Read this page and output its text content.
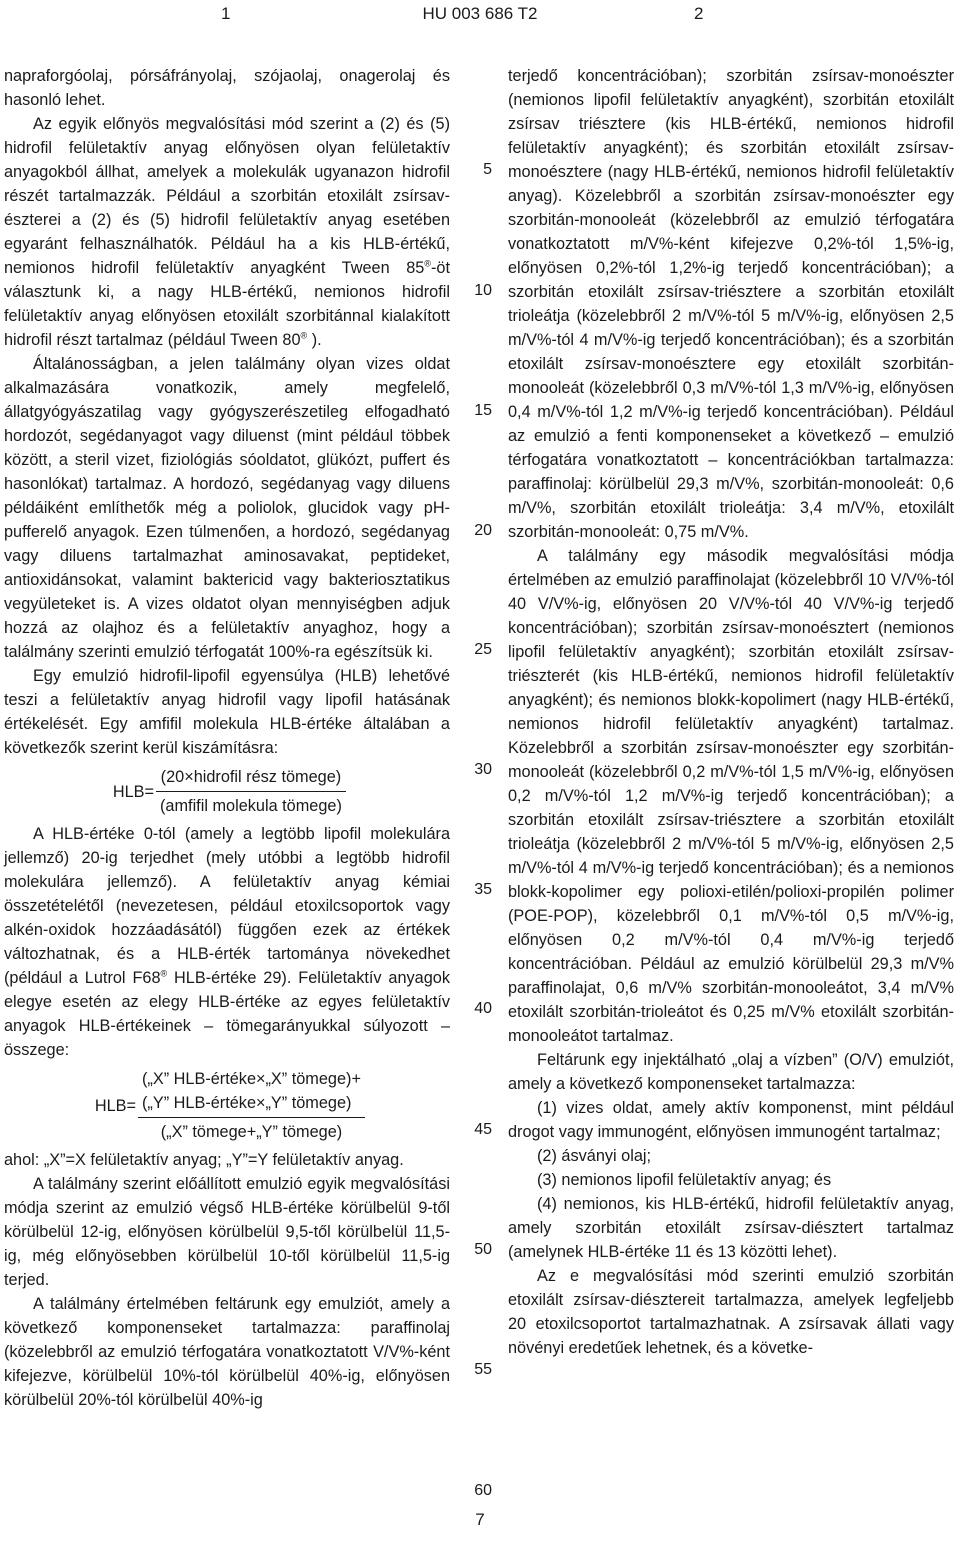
1	HU 003 686 T2	2

napraforgóolaj, pórsáfrányolaj, szójaolaj, onagerolaj és hasonló lehet.

Az egyik előnyös megvalósítási mód szerint a (2) és (5) hidrofil felületaktív anyag előnyösen olyan felületaktív anyagokból állhat, amelyek a molekulák ugyanazon hidrofil részét tartalmazzák. Például a szorbitán etoxilált zsírsav-észterei a (2) és (5) hidrofil felületaktív anyag esetében egyaránt felhasználhatók. Például ha a kis HLB-értékű, nemionos hidrofil felületaktív anyagként Tween 85®-öt választunk ki, a nagy HLB-értékű, nemionos hidrofil felületaktív anyag előnyösen etoxilált szorbitánnal kialakított hidrofil részt tartalmaz (például Tween 80® ).

Általánosságban, a jelen találmány olyan vizes oldat alkalmazására vonatkozik, amely megfelelő, állatgyógyászatilag vagy gyógyszerészetileg elfogadható hordozót, segédanyagot vagy diluenst (mint például többek között, a steril vizet, fiziológiás sóoldatot, glükózt, puffert és hasonlókat) tartalmaz. A hordozó, segédanyag vagy diluens példáiként említhetők még a poliolok, glucidok vagy pH-pufferelő anyagok. Ezen túlmenően, a hordozó, segédanyag vagy diluens tartalmazhat aminosavakat, peptideket, antioxidánsokat, valamint baktericid vagy bakteriosztatikus vegyületeket is. A vizes oldatot olyan mennyiségben adjuk hozzá az olajhoz és a felületaktív anyaghoz, hogy a találmány szerinti emulzió térfogatát 100%-ra egészítsük ki.

Egy emulzió hidrofil-lipofil egyensúlya (HLB) lehetővé teszi a felületaktív anyag hidrofil vagy lipofil hatásának értékelését. Egy amfifil molekula HLB-értéke általában a következők szerint kerül kiszámításra:

$HLB= \frac{\text{(20×hidrofil rész tömege)}}{\text{(amfifil molekula tömege)}}$

A HLB-értéke 0-tól (amely a legtöbb lipofil molekulára jellemző) 20-ig terjedhet (mely utóbbi a legtöbb hidrofil molekulára jellemző). A felületaktív anyag kémiai összetételétől (nevezetesen, például etoxilcsoportok vagy alkén-oxidok hozzáadásától) függően ezek az értékek változhatnak, és a HLB-érték tartománya növekedhet (például a Lutrol F68® HLB-értéke 29). Felületaktív anyagok elegye esetén az elegy HLB-értéke az egyes felületaktív anyagok HLB-értékeinek – tömegarányukkal súlyozott – összege:

HLB=
(„X” HLB-értéke×„X” tömege)+
(„Y” HLB-értéke×„Y” tömege)
(„X” tömege+„Y” tömege)

ahol: „X”=X felületaktív anyag; „Y”=Y felületaktív anyag.

A találmány szerint előállított emulzió egyik megvalósítási módja szerint az emulzió végső HLB-értéke körülbelül 9-től körülbelül 12-ig, előnyösen körülbelül 9,5-től körülbelül 11,5-ig, még előnyösebben körülbelül 10-től körülbelül 11,5-ig terjed.

A találmány értelmében feltárunk egy emulziót, amely a következő komponenseket tartalmazza: paraffinolaj (közelebbről az emulzió térfogatára vonatkoztatott V/V%-ként kifejezve, körülbelül 10%-tól körülbelül 40%-ig, előnyösen körülbelül 20%-tól körülbelül 40%-ig

5
10
15
20
25
30
35
40
45
50
55
60

terjedő koncentrációban); szorbitán zsírsav-monoészter (nemionos lipofil felületaktív anyagként), szorbitán etoxilált zsírsav triésztere (kis HLB-értékű, nemionos hidrofil felületaktív anyagként); és szorbitán etoxilált zsírsav-monoésztere (nagy HLB-értékű, nemionos hidrofil felületaktív anyag). Közelebbről a szorbitán zsírsav-monoészter egy szorbitán-monooleát (közelebbről az emulzió térfogatára vonatkoztatott m/V%-ként kifejezve 0,2%-tól 1,5%-ig, előnyösen 0,2%-tól 1,2%-ig terjedő koncentrációban); a szorbitán etoxilált zsírsav-triésztere a szorbitán etoxilált trioleátja (közelebbről 2 m/V%-tól 5 m/V%-ig, előnyösen 2,5 m/V%-tól 4 m/V%-ig terjedő koncentrációban); és a szorbitán etoxilált zsírsav-monoésztere egy etoxilált szorbitán-monooleát (közelebbről 0,3 m/V%-tól 1,3 m/V%-ig, előnyösen 0,4 m/V%-tól 1,2 m/V%-ig terjedő koncentrációban). Például az emulzió a fenti komponenseket a következő – emulzió térfogatára vonatkoztatott – koncentrációkban tartalmazza: paraffinolaj: körülbelül 29,3 m/V%, szorbitán-monooleát: 0,6 m/V%, szorbitán etoxilált trioleátja: 3,4 m/V%, etoxilált szorbitán-monooleát: 0,75 m/V%.

A találmány egy második megvalósítási módja értelmében az emulzió paraffinolajat (közelebbről 10 V/V%-tól 40 V/V%-ig, előnyösen 20 V/V%-tól 40 V/V%-ig terjedő koncentrációban); szorbitán zsírsav-monoésztert (nemionos lipofil felületaktív anyagként); szorbitán etoxilált zsírsav-triészterét (kis HLB-értékű, nemionos hidrofil felületaktív anyagként); és nemionos blokk-kopolimert (nagy HLB-értékű, nemionos hidrofil felületaktív anyagként) tartalmaz. Közelebbről a szorbitán zsírsav-monoészter egy szorbitán-monooleát (közelebbről 0,2 m/V%-tól 1,5 m/V%-ig, előnyösen 0,2 m/V%-tól 1,2 m/V%-ig terjedő koncentrációban); a szorbitán etoxilált zsírsav-triésztere a szorbitán etoxilált trioleátja (közelebbről 2 m/V%-tól 5 m/V%-ig, előnyösen 2,5 m/V%-tól 4 m/V%-ig terjedő koncentrációban); és a nemionos blokk-kopolimer egy polioxi-etilén/polioxi-propilén polimer (POE-POP), közelebbről 0,1 m/V%-tól 0,5 m/V%-ig, előnyösen 0,2 m/V%-tól 0,4 m/V%-ig terjedő koncentrációban. Például az emulzió körülbelül 29,3 m/V% paraffinolajat, 0,6 m/V% szorbitán-monooleátot, 3,4 m/V% etoxilált szorbitán-trioleátot és 0,25 m/V% etoxilált szorbitán-monooleátot tartalmaz.

Feltárunk egy injektálható „olaj a vízben” (O/V) emulziót, amely a következő komponenseket tartalmazza:

(1) vizes oldat, amely aktív komponenst, mint például drogot vagy immunogént, előnyösen immunogént tartalmaz;

(2) ásványi olaj;

(3) nemionos lipofil felületaktív anyag; és

(4) nemionos, kis HLB-értékű, hidrofil felületaktív anyag, amely szorbitán etoxilált zsírsav-diésztert tartalmaz (amelynek HLB-értéke 11 és 13 közötti lehet).

Az e megvalósítási mód szerinti emulzió szorbitán etoxilált zsírsav-diésztereit tartalmazza, amelyek legfeljebb 20 etoxilcsoportot tartalmazhatnak. A zsírsavak állati vagy növényi eredetűek lehetnek, és a követke-

7
